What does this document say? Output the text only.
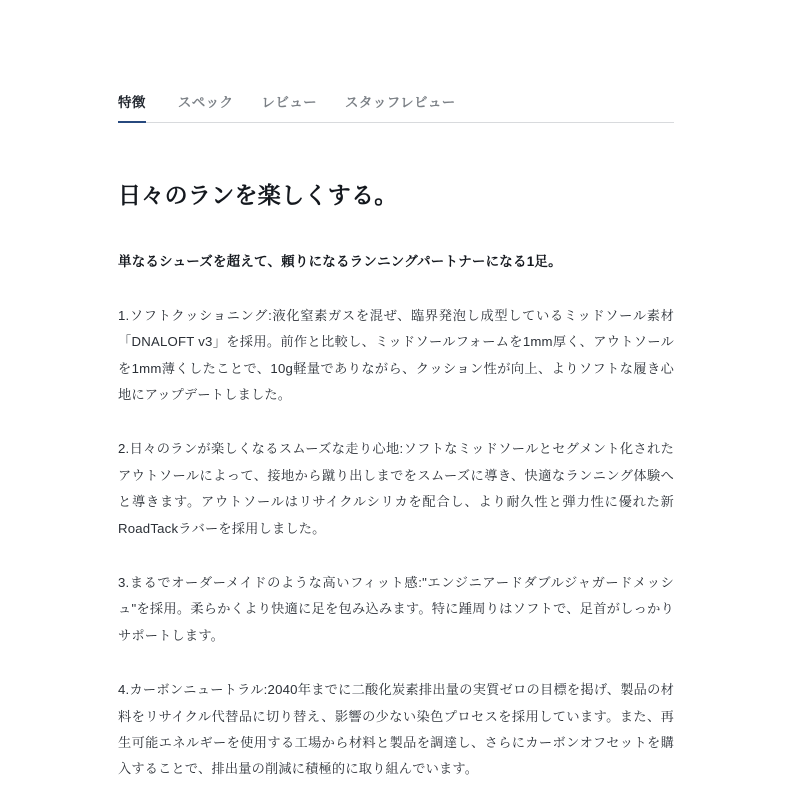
特徴	スペック	レビュー	スタッフレビュー
日々のランを楽しくする。
単なるシューズを超えて、頼りになるランニングパートナーになる1足。

1.ソフトクッショニング:液化窒素ガスを混ぜ、臨界発泡し成型しているミッドソール素材「DNALOFT v3」を採用。前作と比較し、ミッドソールフォームを1mm厚く、アウトソールを1mm薄くしたことで、10g軽量でありながら、クッション性が向上、よりソフトな履き心地にアップデートしました。

2.日々のランが楽しくなるスムーズな走り心地:ソフトなミッドソールとセグメント化されたアウトソールによって、接地から蹴り出しまでをスムーズに導き、快適なランニング体験へと導きます。アウトソールはリサイクルシリカを配合し、より耐久性と弾力性に優れた新RoadTackラバーを採用しました。

3.まるでオーダーメイドのような高いフィット感:"エンジニアードダブルジャガードメッシュ"を採用。柔らかくより快適に足を包み込みます。特に踵周りはソフトで、足首がしっかりサポートします。

4.カーボンニュートラル:2040年までに二酸化炭素排出量の実質ゼロの目標を掲げ、製品の材料をリサイクル代替品に切り替え、影響の少ない染色プロセスを採用しています。また、再生可能エネルギーを使用する工場から材料と製品を調達し、さらにカーボンオフセットを購入することで、排出量の削減に積極的に取り組んでいます。
